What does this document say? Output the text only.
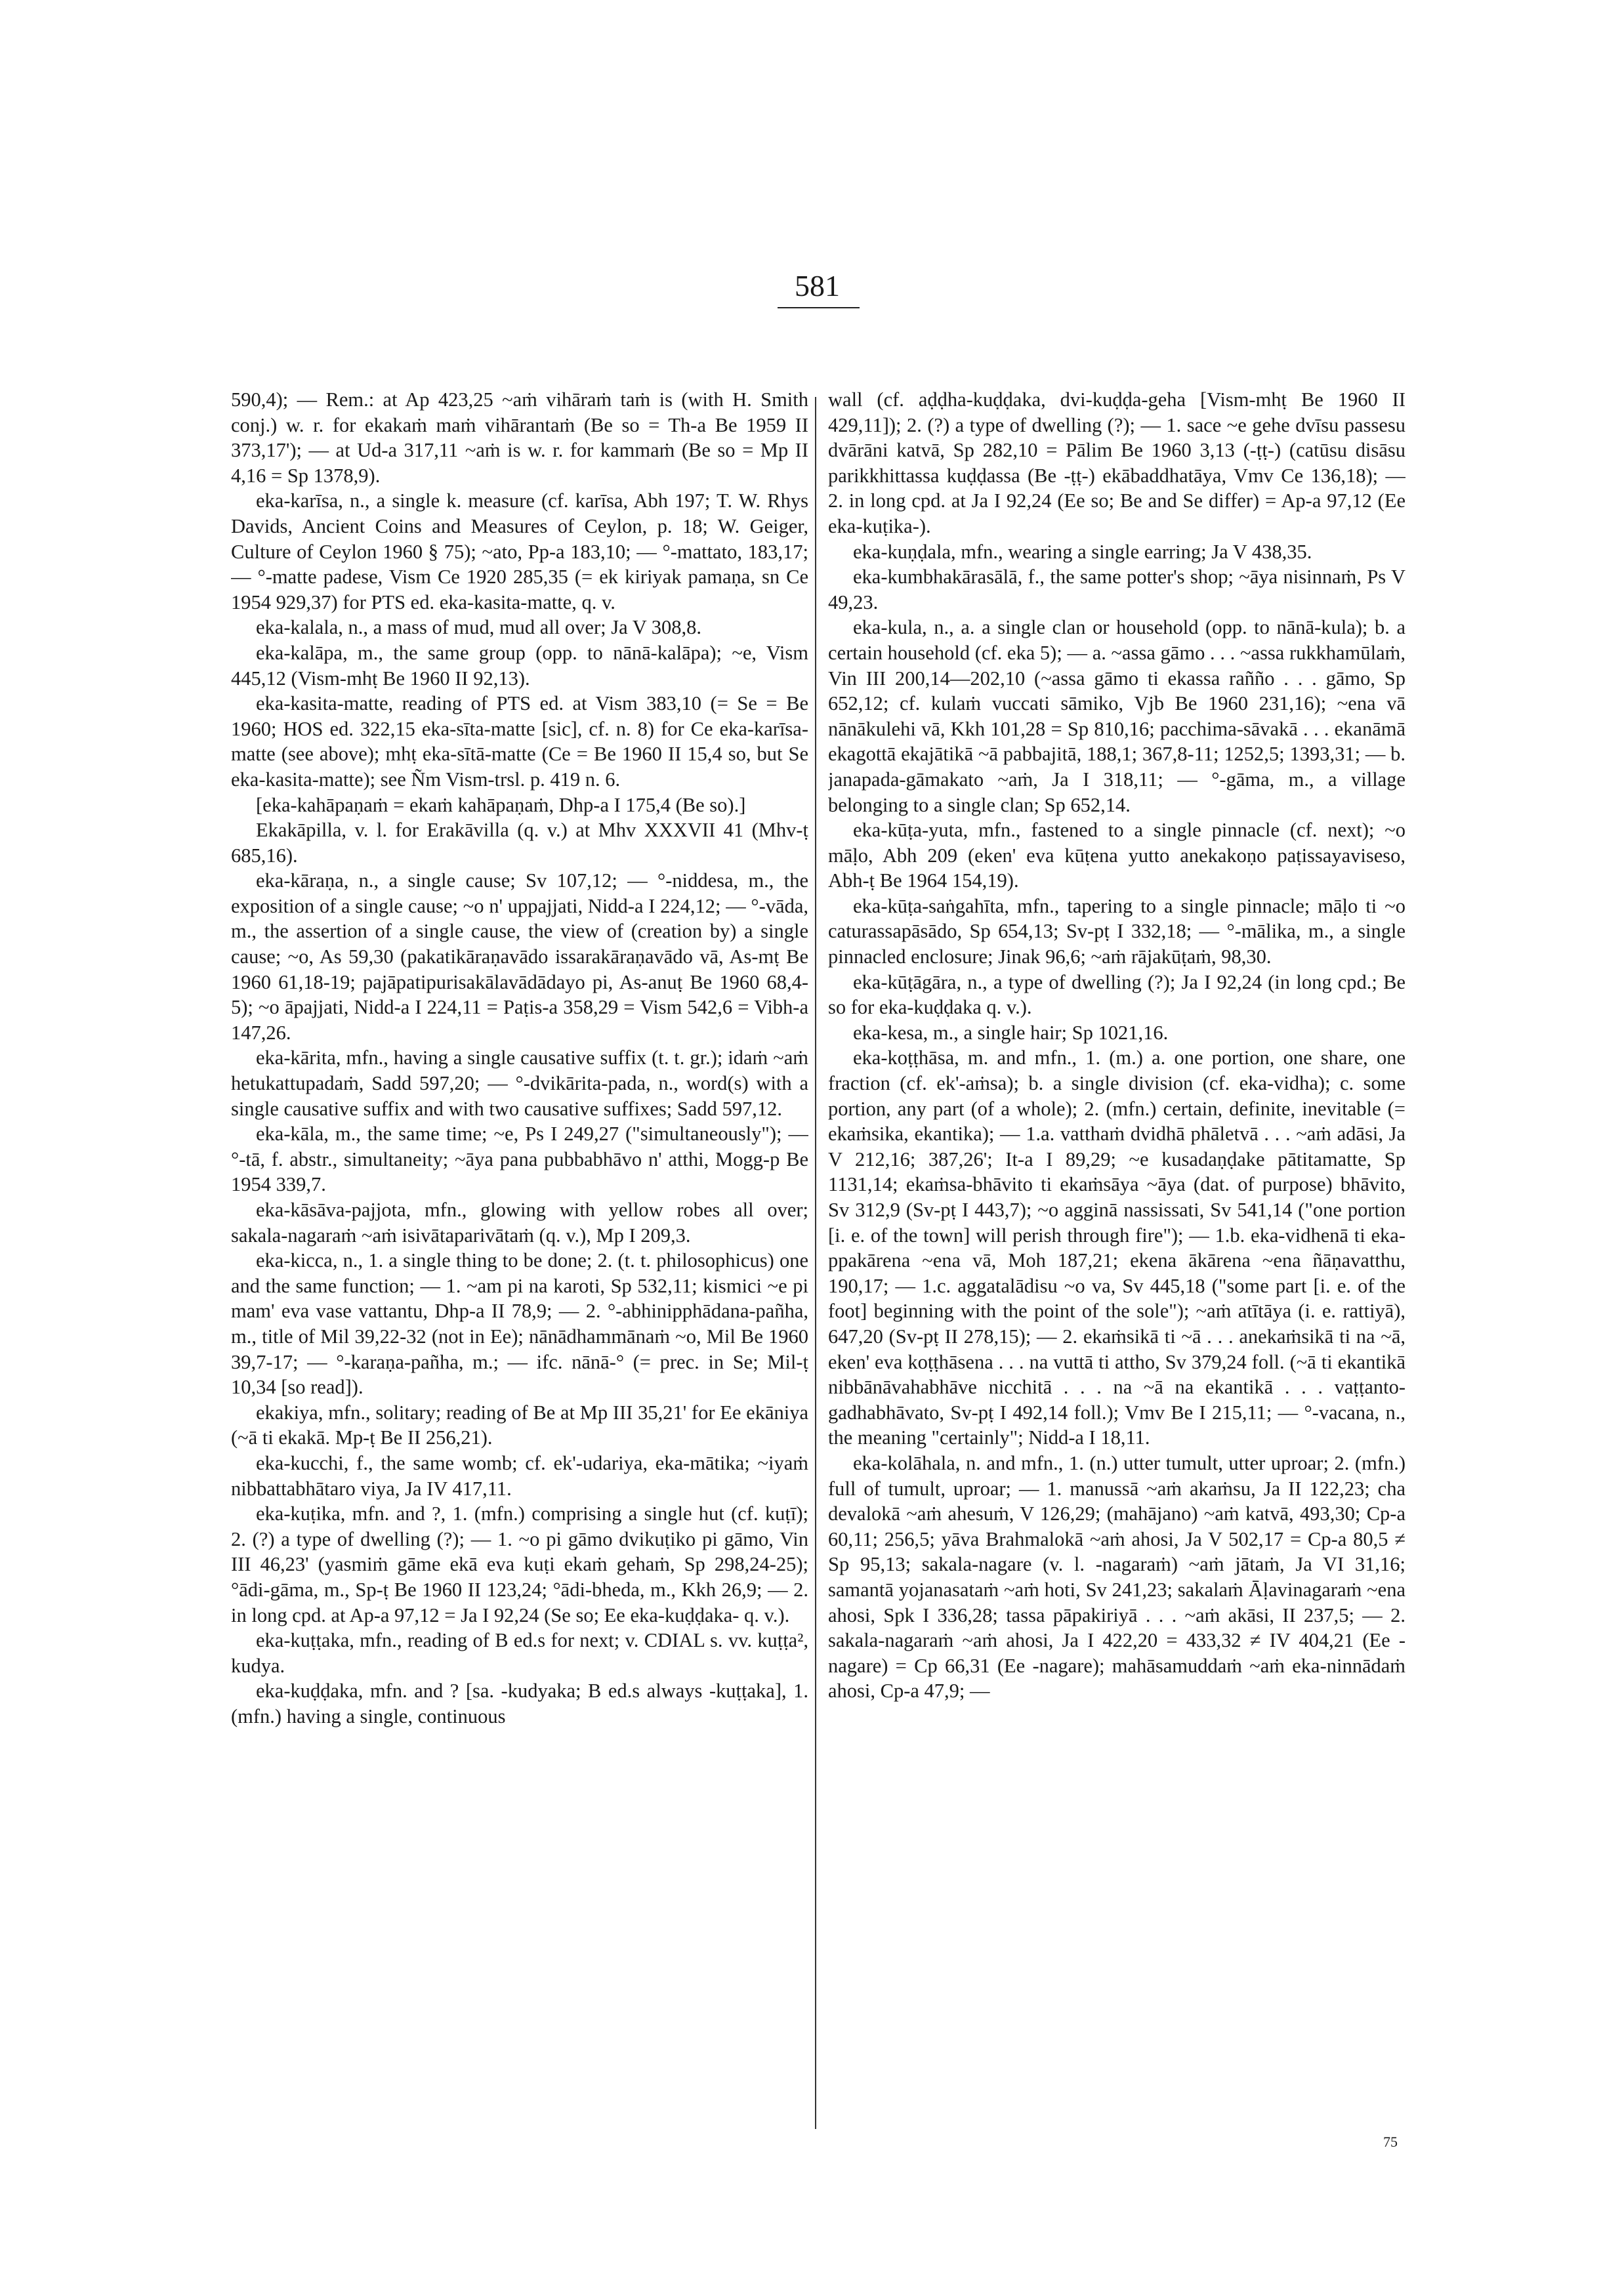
581

590,4); — Rem.: at Ap 423,25 ~aṁ vihāraṁ taṁ is (with H. Smith conj.) w. r. for ekakaṁ maṁ vihārantaṁ (Be so = Th-a Be 1959 II 373,17'); — at Ud-a 317,11 ~aṁ is w. r. for kammaṁ (Be so = Mp II 4,16 = Sp 1378,9).

eka-karīsa, n., a single k. measure (cf. karīsa, Abh 197; T. W. Rhys Davids, Ancient Coins and Measures of Ceylon, p. 18; W. Geiger, Culture of Ceylon 1960 § 75); ~ato, Pp-a 183,10; — °-mattato, 183,17; — °-matte padese, Vism Ce 1920 285,35 (= ek kiriyak pamaṇa, sn Ce 1954 929,37) for PTS ed. eka-kasita-matte, q. v.

eka-kalala, n., a mass of mud, mud all over; Ja V 308,8.

eka-kalāpa, m., the same group (opp. to nānā-kalāpa); ~e, Vism 445,12 (Vism-mhṭ Be 1960 II 92,13).

eka-kasita-matte, reading of PTS ed. at Vism 383,10 (= Se = Be 1960; HOS ed. 322,15 eka-sīta-matte [sic], cf. n. 8) for Ce eka-karīsa-matte (see above); mhṭ eka-sītā-matte (Ce = Be 1960 II 15,4 so, but Se eka-kasita-matte); see Ñm Vism-trsl. p. 419 n. 6.

[eka-kahāpaṇaṁ = ekaṁ kahāpaṇaṁ, Dhp-a I 175,4 (Be so).]

Ekakāpilla, v. l. for Erakāvilla (q. v.) at Mhv XXXVII 41 (Mhv-ṭ 685,16).

eka-kāraṇa, n., a single cause; Sv 107,12; — °-niddesa, m., the exposition of a single cause; ~o n' uppajjati, Nidd-a I 224,12; — °-vāda, m., the assertion of a single cause, the view of (creation by) a single cause; ~o, As 59,30 (pakatikāraṇavādo issarakāraṇavādo vā, As-mṭ Be 1960 61,18-19; pajāpatipurisakālavādādayo pi, As-anuṭ Be 1960 68,4-5); ~o āpajjati, Nidd-a I 224,11 = Paṭis-a 358,29 = Vism 542,6 = Vibh-a 147,26.

eka-kārita, mfn., having a single causative suffix (t. t. gr.); idaṁ ~aṁ hetukattupadaṁ, Sadd 597,20; — °-dvikārita-pada, n., word(s) with a single causative suffix and with two causative suffixes; Sadd 597,12.

eka-kāla, m., the same time; ~e, Ps I 249,27 ("simultaneously"); — °-tā, f. abstr., simultaneity; ~āya pana pubbabhāvo n' atthi, Mogg-p Be 1954 339,7.

eka-kāsāva-pajjota, mfn., glowing with yellow robes all over; sakala-nagaraṁ ~aṁ isivātaparivātaṁ (q. v.), Mp I 209,3.

eka-kicca, n., 1. a single thing to be done; 2. (t. t. philosophicus) one and the same function; — 1. ~am pi na karoti, Sp 532,11; kismici ~e pi mam' eva vase vattantu, Dhp-a II 78,9; — 2. °-abhinipphādana-pañha, m., title of Mil 39,22-32 (not in Ee); nānādhammānaṁ ~o, Mil Be 1960 39,7-17; — °-karaṇa-pañha, m.; — ifc. nānā-° (= prec. in Se; Mil-ṭ 10,34 [so read]).

ekakiya, mfn., solitary; reading of Be at Mp III 35,21' for Ee ekāniya (~ā ti ekakā. Mp-ṭ Be II 256,21).

eka-kucchi, f., the same womb; cf. ek'-udariya, eka-mātika; ~iyaṁ nibbattabhātaro viya, Ja IV 417,11.

eka-kuṭika, mfn. and ?, 1. (mfn.) comprising a single hut (cf. kuṭī); 2. (?) a type of dwelling (?); — 1. ~o pi gāmo dvikuṭiko pi gāmo, Vin III 46,23' (yasmiṁ gāme ekā eva kuṭi ekaṁ gehaṁ, Sp 298,24-25); °ādi-gāma, m., Sp-ṭ Be 1960 II 123,24; °ādi-bheda, m., Kkh 26,9; — 2. in long cpd. at Ap-a 97,12 = Ja I 92,24 (Se so; Ee eka-kuḍḍaka- q. v.).

eka-kuṭṭaka, mfn., reading of B ed.s for next; v. CDIAL s. vv. kuṭṭa², kudya.

eka-kuḍḍaka, mfn. and ? [sa. -kudyaka; B ed.s always -kuṭṭaka], 1. (mfn.) having a single, continuous

wall (cf. aḍḍha-kuḍḍaka, dvi-kuḍḍa-geha [Vism-mhṭ Be 1960 II 429,11]); 2. (?) a type of dwelling (?); — 1. sace ~e gehe dvīsu passesu dvārāni katvā, Sp 282,10 = Pālim Be 1960 3,13 (-ṭṭ-) (catūsu disāsu parikkhittassa kuḍḍassa (Be -ṭṭ-) ekābaddhatāya, Vmv Ce 136,18); — 2. in long cpd. at Ja I 92,24 (Ee so; Be and Se differ) = Ap-a 97,12 (Ee eka-kuṭika-).

eka-kuṇḍala, mfn., wearing a single earring; Ja V 438,35.

eka-kumbhakārasālā, f., the same potter's shop; ~āya nisinnaṁ, Ps V 49,23.

eka-kula, n., a. a single clan or household (opp. to nānā-kula); b. a certain household (cf. eka 5); — a. ~assa gāmo . . . ~assa rukkhamūlaṁ, Vin III 200,14—202,10 (~assa gāmo ti ekassa rañño . . . gāmo, Sp 652,12; cf. kulaṁ vuccati sāmiko, Vjb Be 1960 231,16); ~ena vā nānākulehi vā, Kkh 101,28 = Sp 810,16; pacchima-sāvakā . . . ekanāmā ekagottā ekajātikā ~ā pabbajitā, 188,1; 367,8-11; 1252,5; 1393,31; — b. janapada-gāmakato ~aṁ, Ja I 318,11; — °-gāma, m., a village belonging to a single clan; Sp 652,14.

eka-kūṭa-yuta, mfn., fastened to a single pinnacle (cf. next); ~o māḷo, Abh 209 (eken' eva kūṭena yutto anekakoṇo paṭissayaviseso, Abh-ṭ Be 1964 154,19).

eka-kūṭa-saṅgahīta, mfn., tapering to a single pinnacle; māḷo ti ~o caturassapāsādo, Sp 654,13; Sv-pṭ I 332,18; — °-mālika, m., a single pinnacled enclosure; Jinak 96,6; ~aṁ rājakūṭaṁ, 98,30.

eka-kūṭāgāra, n., a type of dwelling (?); Ja I 92,24 (in long cpd.; Be so for eka-kuḍḍaka q. v.).

eka-kesa, m., a single hair; Sp 1021,16.

eka-koṭṭhāsa, m. and mfn., 1. (m.) a. one portion, one share, one fraction (cf. ek'-aṁsa); b. a single division (cf. eka-vidha); c. some portion, any part (of a whole); 2. (mfn.) certain, definite, inevitable (= ekaṁsika, ekantika); — 1.a. vatthaṁ dvidhā phāletvā . . . ~aṁ adāsi, Ja V 212,16; 387,26'; It-a I 89,29; ~e kusadaṇḍake pātitamatte, Sp 1131,14; ekaṁsa-bhāvito ti ekaṁsāya ~āya (dat. of purpose) bhāvito, Sv 312,9 (Sv-pṭ I 443,7); ~o agginā nassissati, Sv 541,14 ("one portion [i. e. of the town] will perish through fire"); — 1.b. eka-vidhenā ti eka-ppakārena ~ena vā, Moh 187,21; ekena ākārena ~ena ñāṇavatthu, 190,17; — 1.c. aggatalādisu ~o va, Sv 445,18 ("some part [i. e. of the foot] beginning with the point of the sole"); ~aṁ atītāya (i. e. rattiyā), 647,20 (Sv-pṭ II 278,15); — 2. ekaṁsikā ti ~ā . . . anekaṁsikā ti na ~ā, eken' eva koṭṭhāsena . . . na vuttā ti attho, Sv 379,24 foll. (~ā ti ekantikā nibbānāvahabhāve nicchitā . . . na ~ā na ekantikā . . . vaṭṭanto-gadhabhāvato, Sv-pṭ I 492,14 foll.); Vmv Be I 215,11; — °-vacana, n., the meaning "certainly"; Nidd-a I 18,11.

eka-kolāhala, n. and mfn., 1. (n.) utter tumult, utter uproar; 2. (mfn.) full of tumult, uproar; — 1. manussā ~aṁ akaṁsu, Ja II 122,23; cha devalokā ~aṁ ahesuṁ, V 126,29; (mahājano) ~aṁ katvā, 493,30; Cp-a 60,11; 256,5; yāva Brahmalokā ~aṁ ahosi, Ja V 502,17 = Cp-a 80,5 ≠ Sp 95,13; sakala-nagare (v. l. -nagaraṁ) ~aṁ jātaṁ, Ja VI 31,16; samantā yojanasataṁ ~aṁ hoti, Sv 241,23; sakalaṁ Āḷavinagaraṁ ~ena ahosi, Spk I 336,28; tassa pāpakiriyā . . . ~aṁ akāsi, II 237,5; — 2. sakala-nagaraṁ ~aṁ ahosi, Ja I 422,20 = 433,32 ≠ IV 404,21 (Ee -nagare) = Cp 66,31 (Ee -nagare); mahāsamuddaṁ ~aṁ eka-ninnādaṁ ahosi, Cp-a 47,9; —

75
